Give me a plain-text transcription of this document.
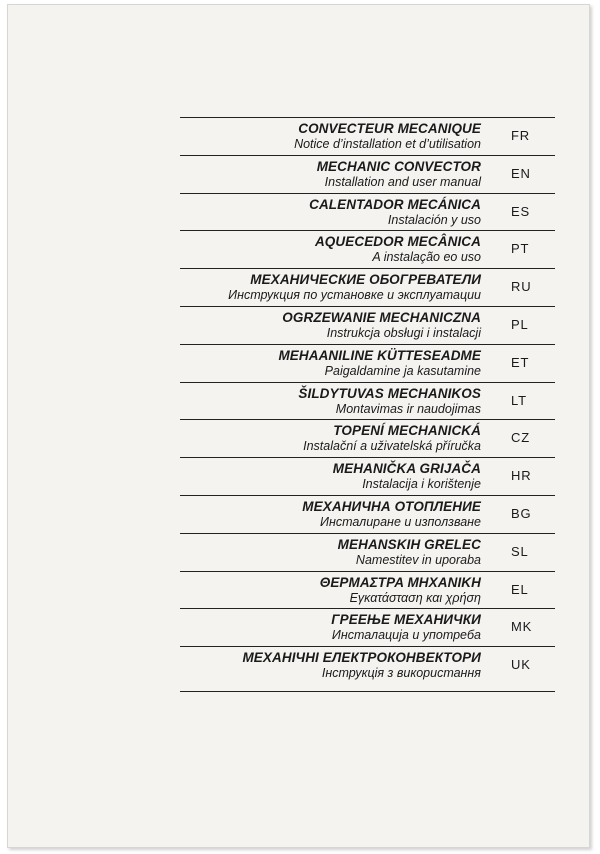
CONVECTEUR MECANIQUE
Notice d’installation et d’utilisation
FR
MECHANIC CONVECTOR
Installation and user manual
EN
CALENTADOR MECÁNICA
Instalación y uso
ES
AQUECEDOR MECÂNICA
A instalação eo uso
PT
МЕХАНИЧЕСКИЕ ОБОГРЕВАТЕЛИ
Инструкция по установке и эксплуатации
RU
OGRZEWANIE MECHANICZNA
Instrukcja obsługi i instalacji
PL
MEHAANILINE KÜTTESEADME
Paigaldamine ja kasutamine
ET
ŠILDYTUVAS MECHANIKOS
Montavimas ir naudojimas
LT
TOPENÍ MECHANICKÁ
Instalační a uživatelská příručka
CZ
MEHANIČKA GRIJAČA
Instalacija i korištenje
HR
МЕХАНИЧНА ОТОПЛЕНИЕ
Инсталиране и използване
BG
MEHANSKIH GRELEC
Namestitev in uporaba
SL
ΘΕΡΜΑΣΤΡΑ ΜΗΧΑΝΙΚΗ
Εγκατάσταση και χρήση
EL
ГРЕЕЊЕ МЕХАНИЧКИ
Инсталација и употреба
MK
МЕХАНІЧНІ ЕЛЕКТРОКОНВЕКТОРИ
Інструкція з використання
UK
